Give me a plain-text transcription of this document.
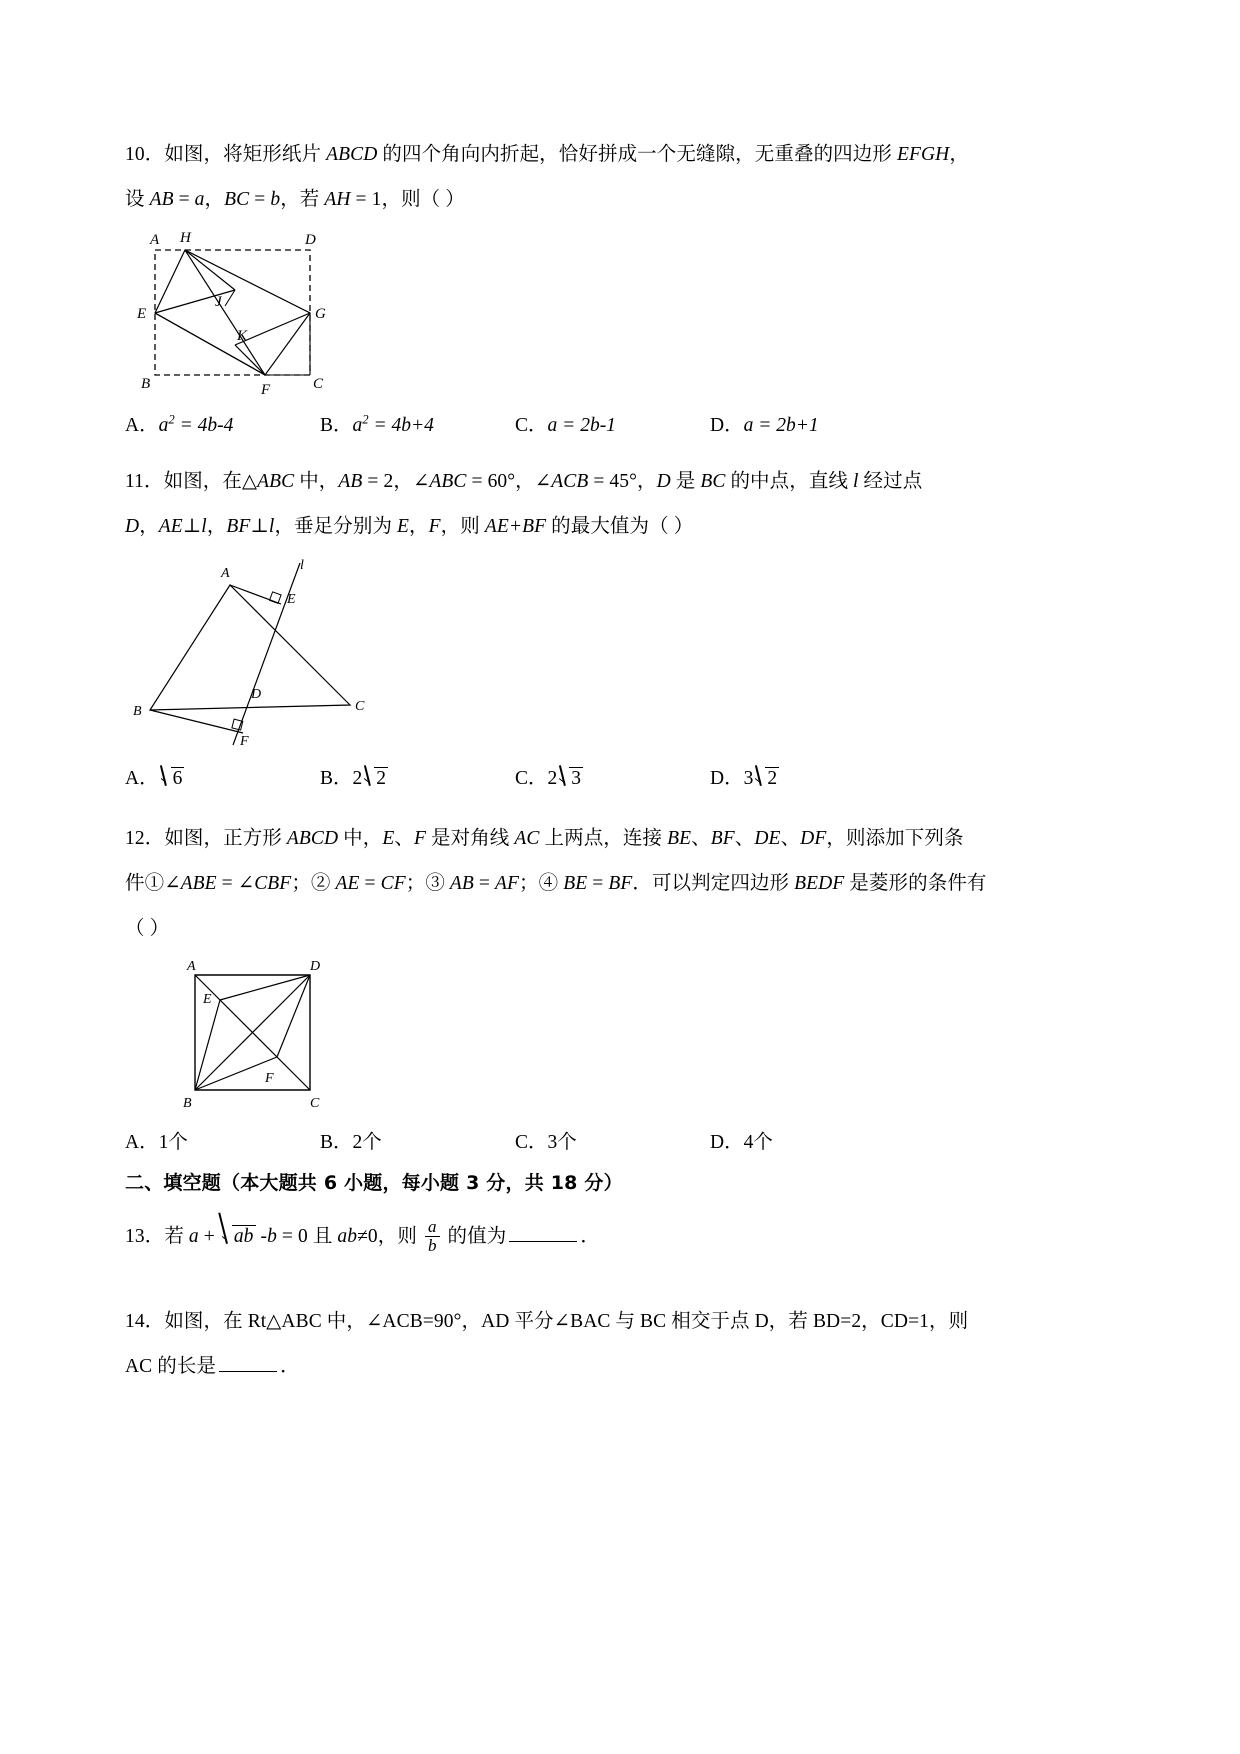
10．如图，将矩形纸片 ABCD 的四个角向内折起，恰好拼成一个无缝隙，无重叠的四边形 EFGH，
设 AB = a，BC = b，若 AH = 1，则（ ）
A H	D
E
J
G
K
B	F	C
A．$a^2 = 4b-4$	B．$a^2 = 4b+4$	C．a = 2b-1	D．a = 2b+1
11．如图，在△ABC 中，AB = 2，∠ABC = 60°，∠ACB = 45°，D 是 BC 的中点，直线 l 经过点
D，AE⊥l，BF⊥l，垂足分别为 E，F，则 AE+BF 的最大值为（ ）
A
l
E
B
D
C
F
A． 6	B．2 2	C．2 3	D．3 2
12．如图，正方形 ABCD 中，E、F 是对角线 AC 上两点，连接 BE、BF、DE、DF，则添加下列条
件①∠ABE = ∠CBF；② AE = CF；③ AB = AF；④ BE = BF．可以判定四边形 BEDF 是菱形的条件有
（ ）
A	D
E
B
F
C
A．1个	B．2个	C．3个	D．4个
二、填空题（本大题共 6 小题，每小题 3 分，共 18 分）
13．若 a + ab -b = 0 且 ab≠0，则 $\frac{a}{b}$ 的值为	．
14．如图，在 Rt△ABC 中，∠ACB=90°，AD 平分∠BAC 与 BC 相交于点 D，若 BD=2，CD=1，则
AC 的长是	．
